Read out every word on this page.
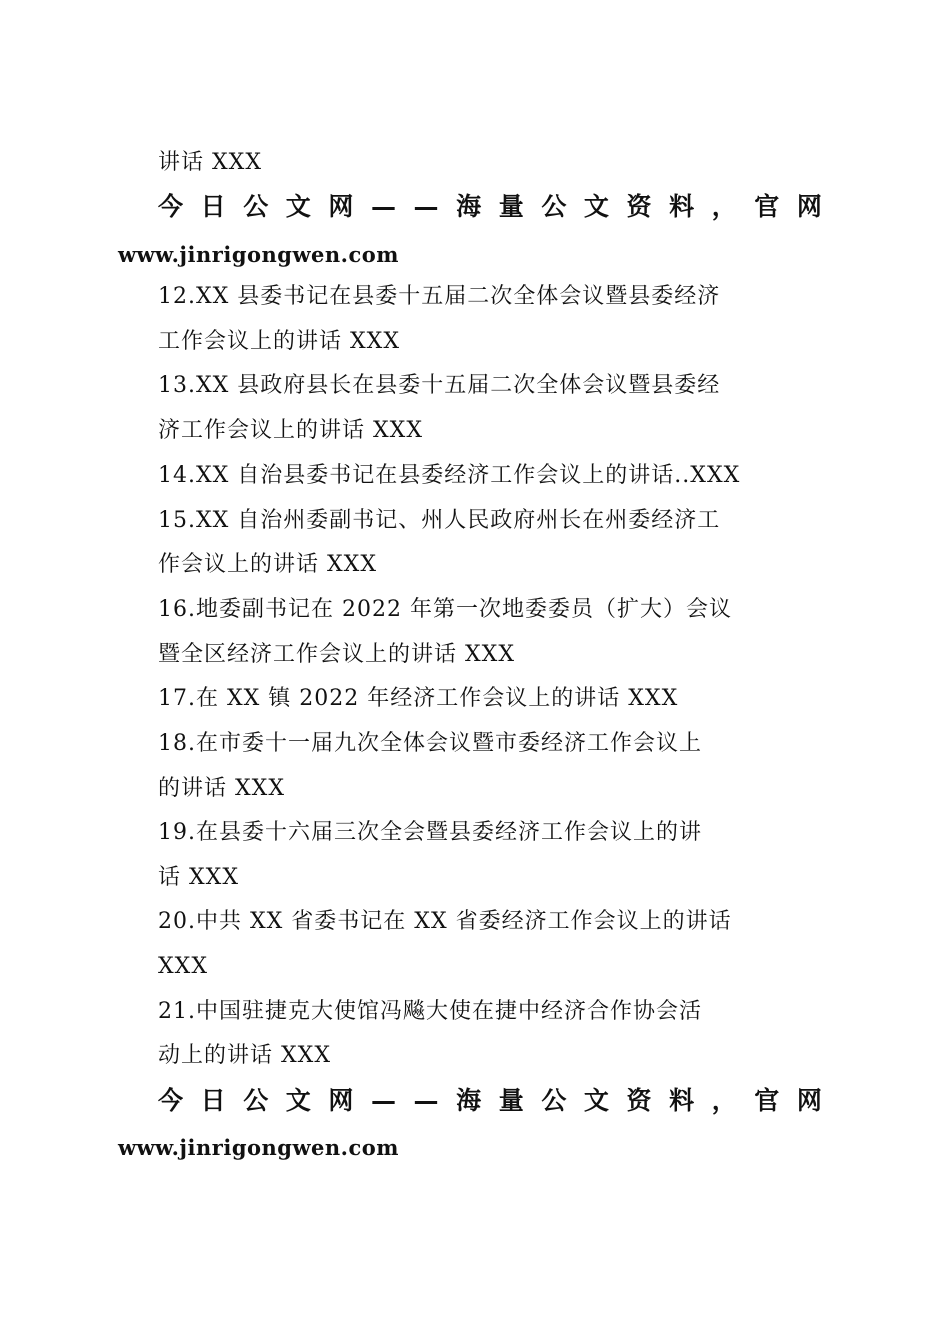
讲话 XXX
今 日 公 文 网 — — 海 量 公 文 资 料 ， 官 网
www.jinrigongwen.com
12.XX 县委书记在县委十五届二次全体会议暨县委经济
工作会议上的讲话 XXX
13.XX 县政府县长在县委十五届二次全体会议暨县委经
济工作会议上的讲话 XXX
14.XX 自治县委书记在县委经济工作会议上的讲话..XXX
15.XX 自治州委副书记、州人民政府州长在州委经济工
作会议上的讲话 XXX
16.地委副书记在 2022 年第一次地委委员（扩大）会议
暨全区经济工作会议上的讲话 XXX
17.在 XX 镇 2022 年经济工作会议上的讲话 XXX
18.在市委十一届九次全体会议暨市委经济工作会议上
的讲话 XXX
19.在县委十六届三次全会暨县委经济工作会议上的讲
话 XXX
20.中共 XX 省委书记在 XX 省委经济工作会议上的讲话
XXX
21.中国驻捷克大使馆冯飚大使在捷中经济合作协会活
动上的讲话 XXX
今 日 公 文 网 — — 海 量 公 文 资 料 ， 官 网
www.jinrigongwen.com
